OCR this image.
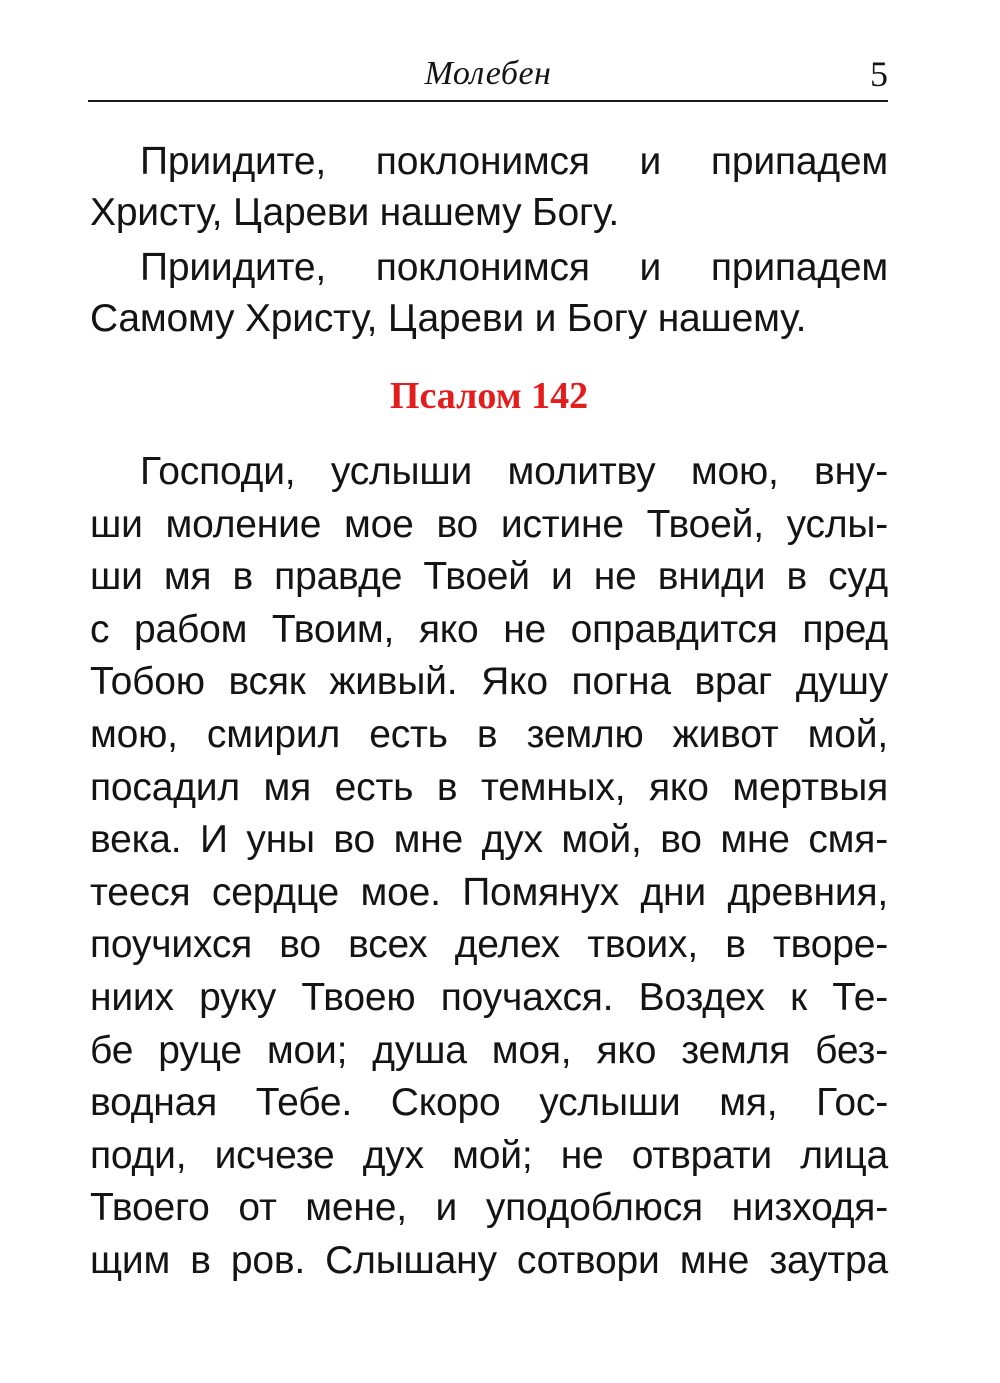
Молебен	5
Приидите, поклонимся и припадем
Христу, Цареви нашему Богу.
Приидите, поклонимся и припадем
Самому Христу, Цареви и Богу нашему.
Псалом 142
Господи, услыши молитву мою, вну-
ши моление мое во истине Твоей, услы-
ши мя в правде Твоей и не вниди в суд
с рабом Твоим, яко не оправдится пред
Тобою всяк живый. Яко погна враг душу
мою, смирил есть в землю живот мой,
посадил мя есть в темных, яко мертвыя
века. И уны во мне дух мой, во мне смя-
тееся сердце мое. Помянух дни древния,
поучихся во всех делех твоих, в творе-
ниих руку Твоею поучахся. Воздех к Те-
бе руце мои; душа моя, яко земля без-
водная Тебе. Скоро услыши мя, Гос-
поди, исчезе дух мой; не отврати лица
Твоего от мене, и уподоблюся низходя-
щим в ров. Слышану сотвори мне заутра
